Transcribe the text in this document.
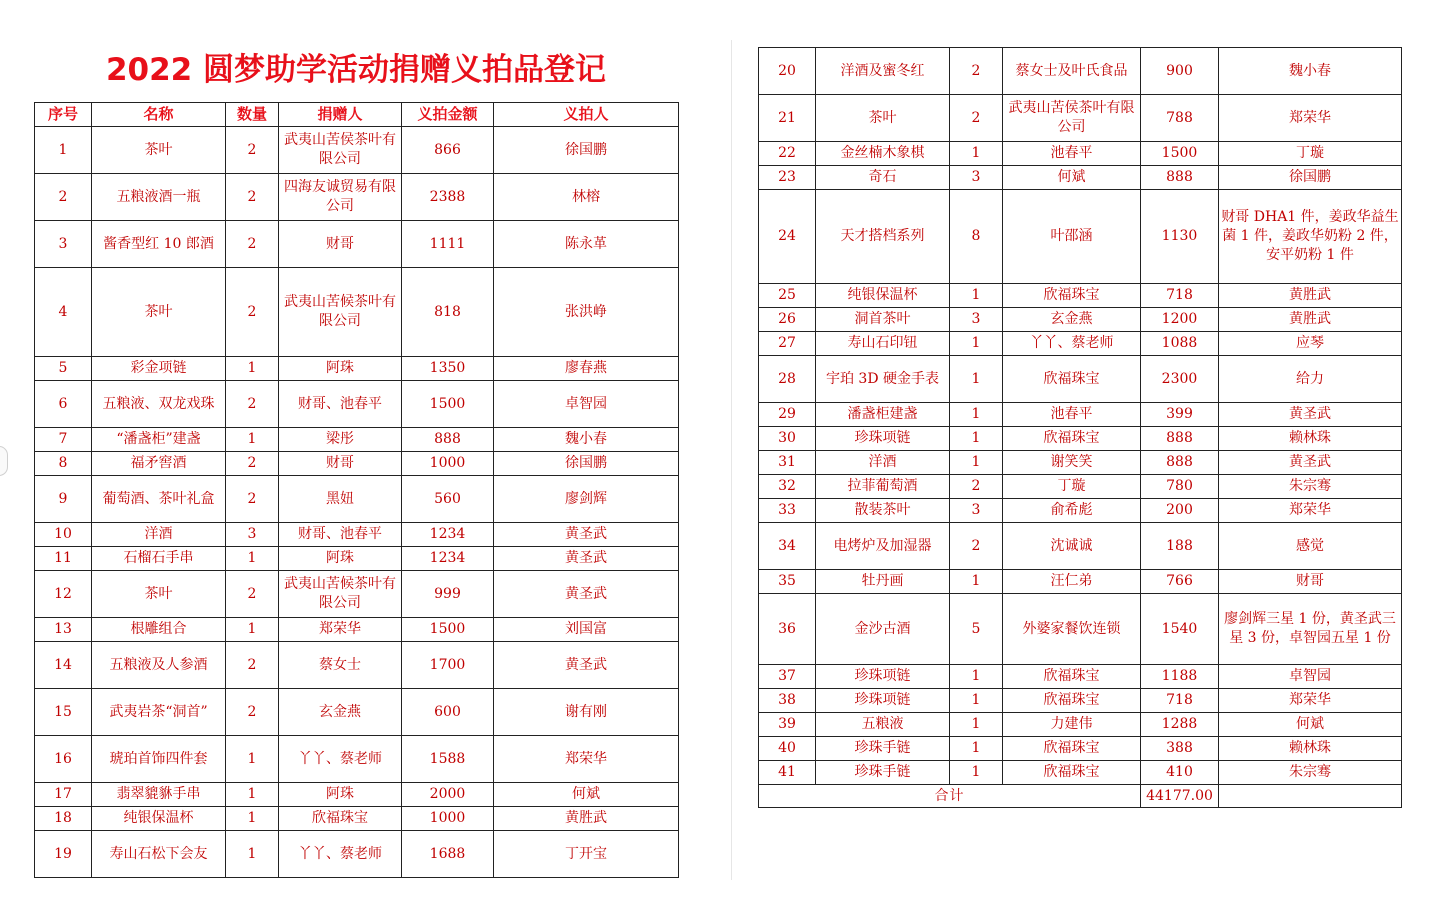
2022 圆梦助学活动捐赠义拍品登记
序号	名称	数量	捐赠人	义拍金额	义拍人
1	茶叶	2	武夷山苦侯茶叶有限公司	866	徐国鹏
2	五粮液酒一瓶	2	四海友诚贸易有限公司	2388	林榕
3	酱香型红 10 郎酒	2	财哥	1111	陈永革
4	茶叶	2	武夷山苦候茶叶有限公司	818	张洪峥
5	彩金项链	1	阿珠	1350	廖春燕
6	五粮液、双龙戏珠	2	财哥、池春平	1500	卓智园
7	“潘盏柜”建盏	1	梁彤	888	魏小春
8	福矛窖酒	2	财哥	1000	徐国鹏
9	葡萄酒、茶叶礼盒	2	黑妞	560	廖剑辉
10	洋酒	3	财哥、池春平	1234	黄圣武
11	石榴石手串	1	阿珠	1234	黄圣武
12	茶叶	2	武夷山苦候茶叶有限公司	999	黄圣武
13	根雕组合	1	郑荣华	1500	刘国富
14	五粮液及人参酒	2	蔡女士	1700	黄圣武
15	武夷岩茶“洞首”	2	玄金燕	600	谢有刚
16	琥珀首饰四件套	1	丫丫、蔡老师	1588	郑荣华
17	翡翠貔貅手串	1	阿珠	2000	何斌
18	纯银保温杯	1	欣福珠宝	1000	黄胜武
19	寿山石松下会友	1	丫丫、蔡老师	1688	丁开宝
20	洋酒及蜜冬红	2	蔡女士及叶氏食品	900	魏小春
21	茶叶	2	武夷山苦侯茶叶有限公司	788	郑荣华
22	金丝楠木象棋	1	池春平	1500	丁璇
23	奇石	3	何斌	888	徐国鹏
24	天才搭档系列	8	叶邵涵	1130	财哥 DHA1 件，姜政华益生菌 1 件，姜政华奶粉 2 件，安平奶粉 1 件
25	纯银保温杯	1	欣福珠宝	718	黄胜武
26	洞首茶叶	3	玄金燕	1200	黄胜武
27	寿山石印钮	1	丫丫、蔡老师	1088	应琴
28	宇珀 3D 硬金手表	1	欣福珠宝	2300	给力
29	潘盏柜建盏	1	池春平	399	黄圣武
30	珍珠项链	1	欣福珠宝	888	赖林珠
31	洋酒	1	谢笑笑	888	黄圣武
32	拉菲葡萄酒	2	丁璇	780	朱宗骞
33	散装茶叶	3	俞希彪	200	郑荣华
34	电烤炉及加湿器	2	沈诚诚	188	感觉
35	牡丹画	1	汪仁弟	766	财哥
36	金沙古酒	5	外婆家餐饮连锁	1540	廖剑辉三星 1 份，黄圣武三星 3 份，卓智园五星 1 份
37	珍珠项链	1	欣福珠宝	1188	卓智园
38	珍珠项链	1	欣福珠宝	718	郑荣华
39	五粮液	1	力建伟	1288	何斌
40	珍珠手链	1	欣福珠宝	388	赖林珠
41	珍珠手链	1	欣福珠宝	410	朱宗骞
合计				44177.00	
